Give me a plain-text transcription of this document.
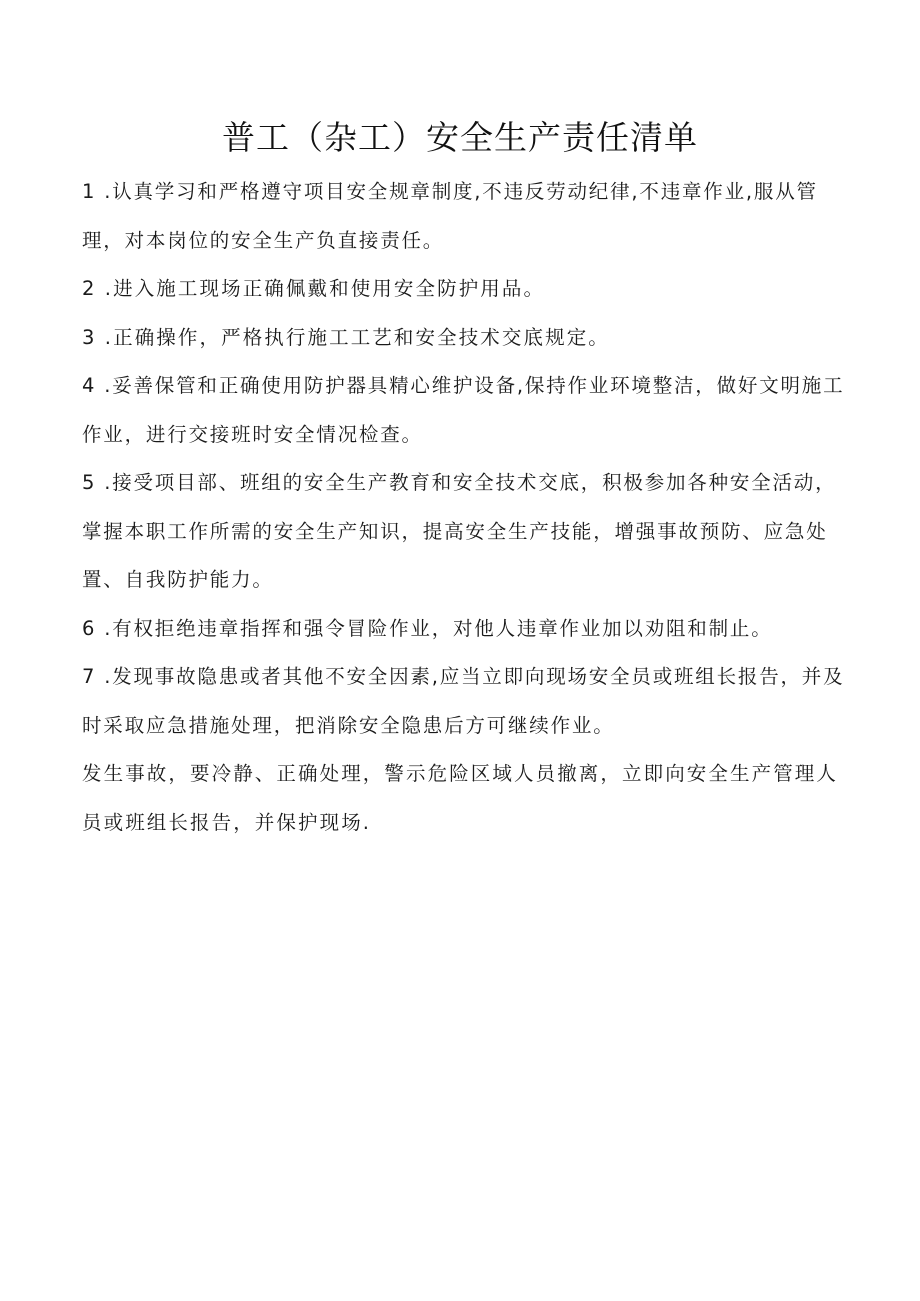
普工（杂工）安全生产责任清单

1 .认真学习和严格遵守项目安全规章制度,不违反劳动纪律,不违章作业,服从管理，对本岗位的安全生产负直接责任。

2 .进入施工现场正确佩戴和使用安全防护用品。

3 .正确操作，严格执行施工工艺和安全技术交底规定。

4 .妥善保管和正确使用防护器具精心维护设备,保持作业环境整洁，做好文明施工作业，进行交接班时安全情况检查。

5 .接受项目部、班组的安全生产教育和安全技术交底，积极参加各种安全活动，掌握本职工作所需的安全生产知识，提高安全生产技能，增强事故预防、应急处置、自我防护能力。

6 .有权拒绝违章指挥和强令冒险作业，对他人违章作业加以劝阻和制止。

7 .发现事故隐患或者其他不安全因素,应当立即向现场安全员或班组长报告，并及时采取应急措施处理，把消除安全隐患后方可继续作业。

发生事故，要冷静、正确处理，警示危险区域人员撤离，立即向安全生产管理人员或班组长报告，并保护现场.
